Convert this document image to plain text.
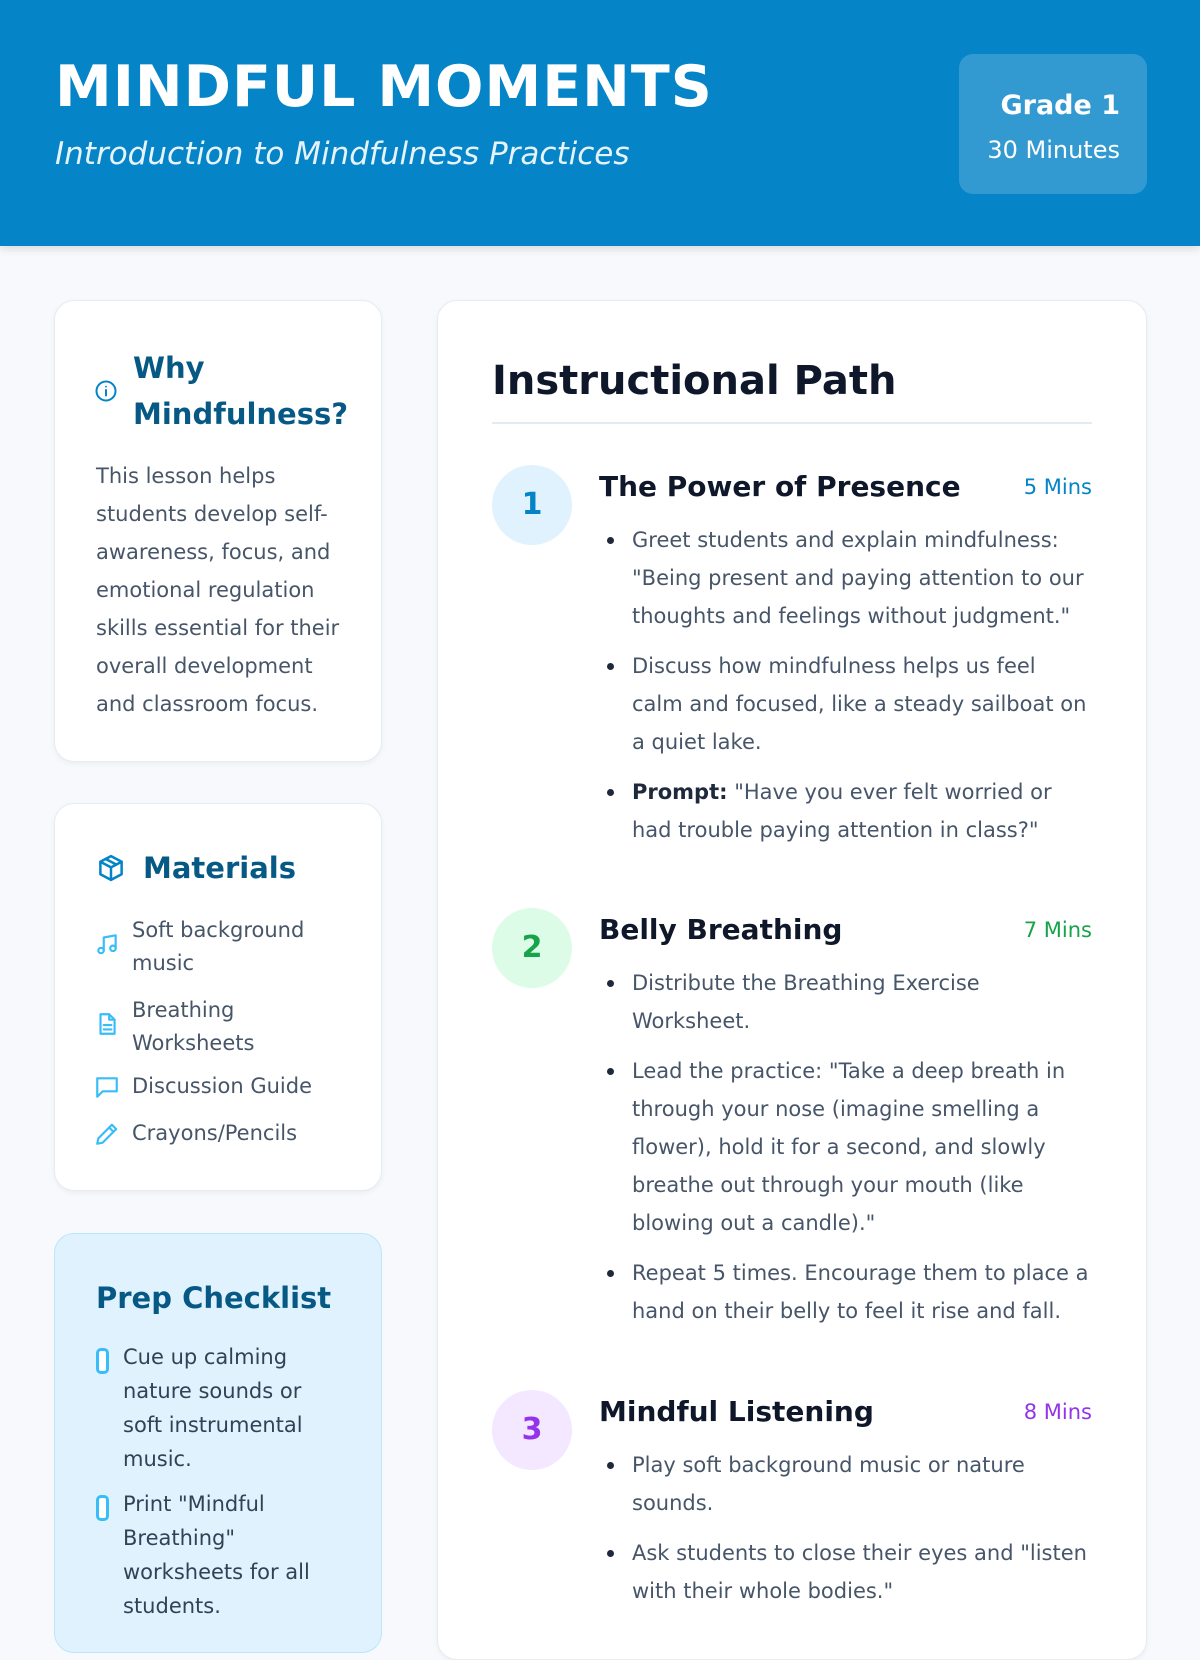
MINDFUL MOMENTS
Introduction to Mindfulness Practices
Grade 1
30 Minutes
Why Mindfulness?
This lesson helps students develop self-awareness, focus, and emotional regulation skills essential for their overall development and classroom focus.
Materials
Soft background music
Breathing Worksheets
Discussion Guide
Crayons/Pencils
Prep Checklist
Cue up calming nature sounds or soft instrumental music.
Print "Mindful Breathing" worksheets for all students.
Instructional Path
1
The Power of Presence	5 Mins
Greet students and explain mindfulness: "Being present and paying attention to our thoughts and feelings without judgment."
Discuss how mindfulness helps us feel calm and focused, like a steady sailboat on a quiet lake.
Prompt: "Have you ever felt worried or had trouble paying attention in class?"
2
Belly Breathing	7 Mins
Distribute the Breathing Exercise Worksheet.
Lead the practice: "Take a deep breath in through your nose (imagine smelling a flower), hold it for a second, and slowly breathe out through your mouth (like blowing out a candle)."
Repeat 5 times. Encourage them to place a hand on their belly to feel it rise and fall.
3
Mindful Listening	8 Mins
Play soft background music or nature sounds.
Ask students to close their eyes and "listen with their whole bodies."
